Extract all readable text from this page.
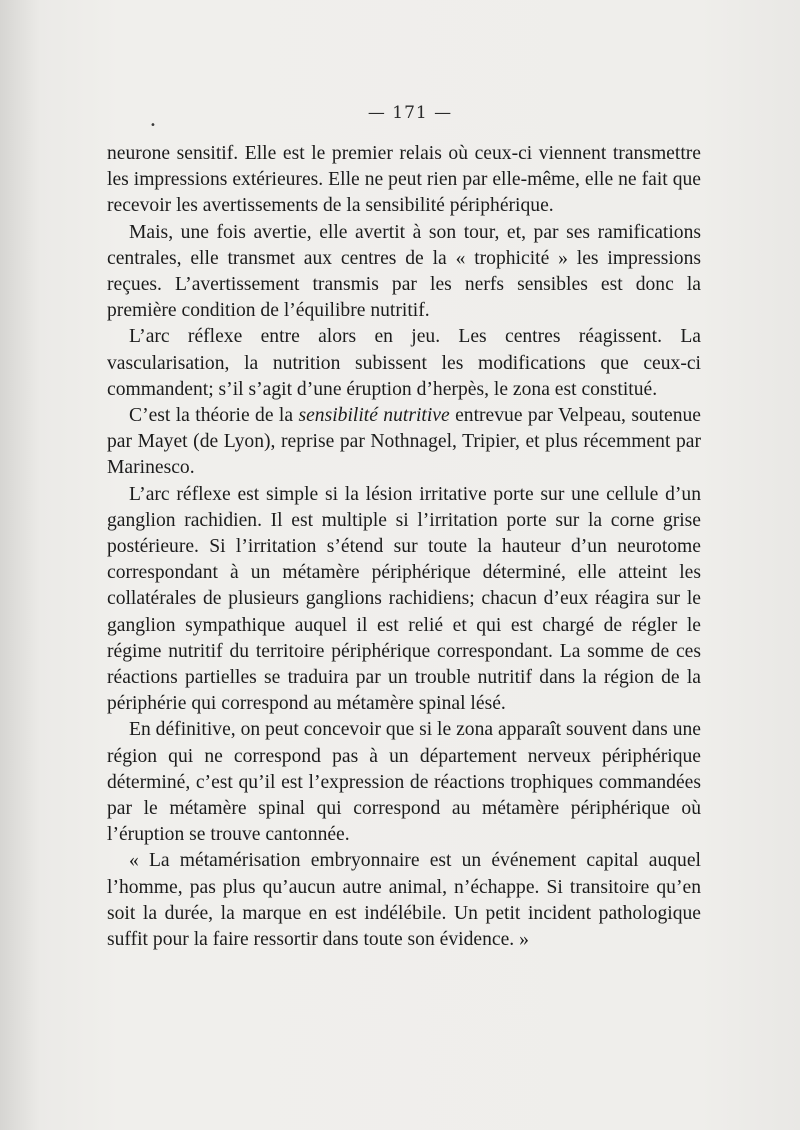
•
— 171 —

neurone sensitif. Elle est le premier relais où ceux-ci viennent transmettre les impressions extérieures. Elle ne peut rien par elle-même, elle ne fait que recevoir les avertissements de la sensibilité périphérique.

Mais, une fois avertie, elle avertit à son tour, et, par ses ramifications centrales, elle transmet aux centres de la « trophicité » les impressions reçues. L’avertissement transmis par les nerfs sensibles est donc la première condition de l’équilibre nutritif.

L’arc réflexe entre alors en jeu. Les centres réagissent. La vascularisation, la nutrition subissent les modifications que ceux-ci commandent; s’il s’agit d’une éruption d’herpès, le zona est constitué.

C’est la théorie de la sensibilité nutritive entrevue par Velpeau, soutenue par Mayet (de Lyon), reprise par Nothnagel, Tripier, et plus récemment par Marinesco.

L’arc réflexe est simple si la lésion irritative porte sur une cellule d’un ganglion rachidien. Il est multiple si l’irritation porte sur la corne grise postérieure. Si l’irritation s’étend sur toute la hauteur d’un neurotome correspondant à un métamère périphérique déterminé, elle atteint les collatérales de plusieurs ganglions rachidiens; chacun d’eux réagira sur le ganglion sympathique auquel il est relié et qui est chargé de régler le régime nutritif du territoire périphérique correspondant. La somme de ces réactions partielles se traduira par un trouble nutritif dans la région de la périphérie qui correspond au métamère spinal lésé.

En définitive, on peut concevoir que si le zona apparaît souvent dans une région qui ne correspond pas à un département nerveux périphérique déterminé, c’est qu’il est l’expression de réactions trophiques commandées par le métamère spinal qui correspond au métamère périphérique où l’éruption se trouve cantonnée.

« La métamérisation embryonnaire est un événement capital auquel l’homme, pas plus qu’aucun autre animal, n’échappe. Si transitoire qu’en soit la durée, la marque en est indélébile. Un petit incident pathologique suffit pour la faire ressortir dans toute son évidence. »
